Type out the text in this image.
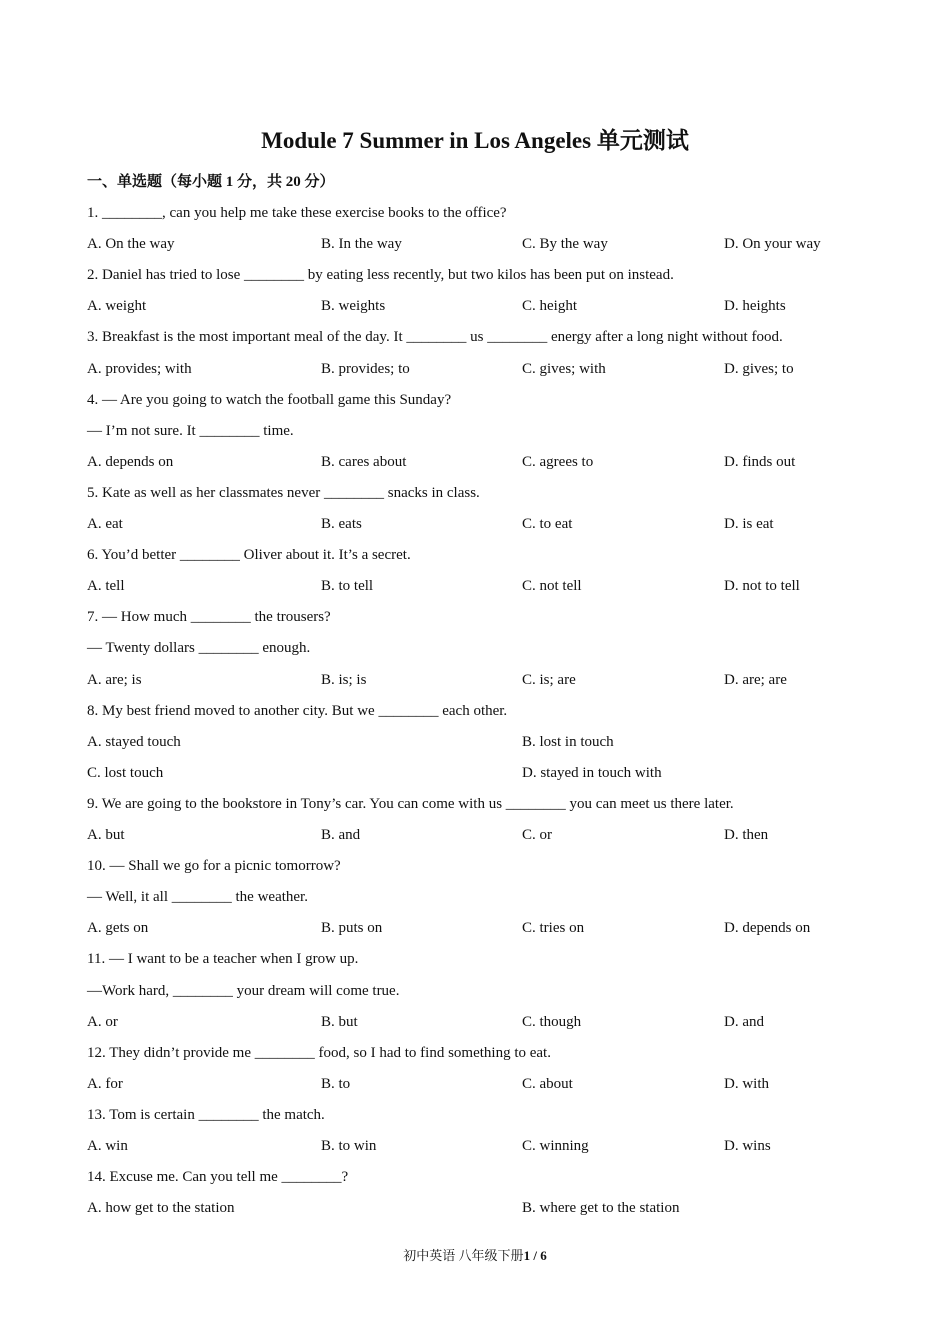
Module 7 Summer in Los Angeles 单元测试
一、单选题（每小题 1 分，共 20 分）
1. ________, can you help me take these exercise books to the office?
A. On the way	B. In the way	C. By the way	D. On your way
2. Daniel has tried to lose ________ by eating less recently, but two kilos has been put on instead.
A. weight	B. weights	C. height	D. heights
3. Breakfast is the most important meal of the day. It ________ us ________ energy after a long night without food.
A. provides; with	B. provides; to	C. gives; with	D. gives; to
4. — Are you going to watch the football game this Sunday?
— I’m not sure. It ________ time.
A. depends on	B. cares about	C. agrees to	D. finds out
5. Kate as well as her classmates never ________ snacks in class.
A. eat	B. eats	C. to eat	D. is eat
6. You’d better ________ Oliver about it. It’s a secret.
A. tell	B. to tell	C. not tell	D. not to tell
7. — How much ________ the trousers?
— Twenty dollars ________ enough.
A. are; is	B. is; is	C. is; are	D. are; are
8. My best friend moved to another city. But we ________ each other.
A. stayed touch	B. lost in touch
C. lost touch	D. stayed in touch with
9. We are going to the bookstore in Tony’s car. You can come with us ________ you can meet us there later.
A. but	B. and	C. or	D. then
10. — Shall we go for a picnic tomorrow?
— Well, it all ________ the weather.
A. gets on	B. puts on	C. tries on	D. depends on
11. — I want to be a teacher when I grow up.
—Work hard, ________ your dream will come true.
A. or	B. but	C. though	D. and
12. They didn’t provide me ________ food, so I had to find something to eat.
A. for	B. to	C. about	D. with
13. Tom is certain ________ the match.
A. win	B. to win	C. winning	D. wins
14. Excuse me. Can you tell me ________?
A. how get to the station	B. where get to the station
初中英语 八年级下册1 / 6
